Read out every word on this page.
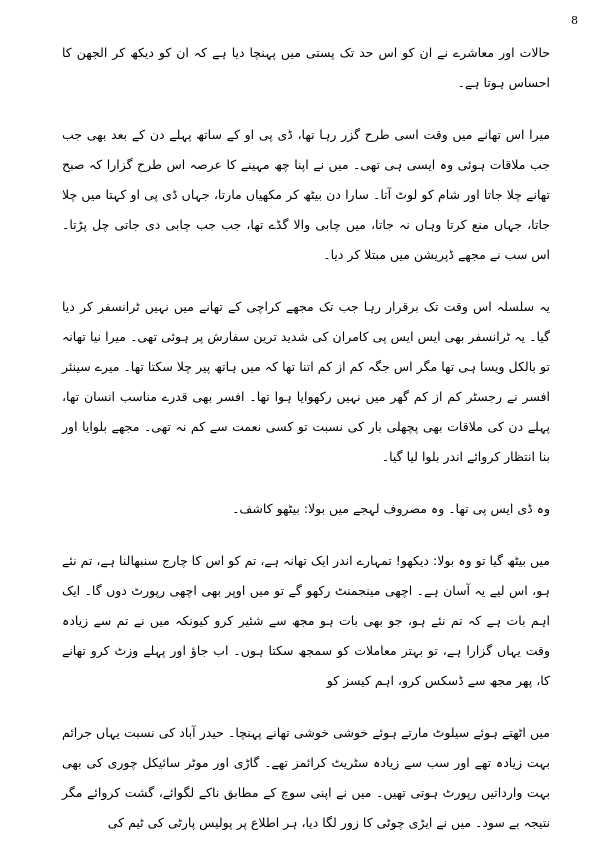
8

حالات اور معاشرے نے ان کو اس حد تک پستی میں پہنچا دیا ہے کہ ان کو دیکھ کر الجھن کا احساس ہوتا ہے۔

میرا اس تھانے میں وقت اسی طرح گزر رہا تھا، ڈی پی او کے ساتھ پہلے دن کے بعد بھی جب جب ملاقات ہوئی وہ ایسی ہی تھی۔ میں نے اپنا چھ مہینے کا عرصہ اس طرح گزارا کہ صبح تھانے چلا جاتا اور شام کو لوٹ آتا۔ سارا دن بیٹھ کر مکھیاں مارتا، جہاں ڈی پی او کہتا میں چلا جاتا، جہاں منع کرتا وہاں نہ جاتا، میں چابی والا گڈے تھا، جب جب چابی دی جاتی چل پڑتا۔ اس سب نے مجھے ڈپریشن میں مبتلا کر دیا۔

یہ سلسلہ اس وقت تک برقرار رہا جب تک مجھے کراچی کے تھانے میں نہیں ٹرانسفر کر دیا گیا۔ یہ ٹرانسفر بھی ایس ایس پی کامران کی شدید ترین سفارش پر ہوئی تھی۔ میرا نیا تھانہ تو بالکل ویسا ہی تھا مگر اس جگہ کم از کم اتنا تھا کہ میں ہاتھ پیر چلا سکتا تھا۔ میرے سینئر افسر نے رجسٹر کم از کم گھر میں نہیں رکھوایا ہوا تھا۔ افسر بھی قدرے مناسب انسان تھا، پہلے دن کی ملاقات بھی پچھلی بار کی نسبت تو کسی نعمت سے کم نہ تھی۔ مجھے بلوایا اور بنا انتظار کروائے اندر بلوا لیا گیا۔

وہ ڈی ایس پی تھا۔ وہ مصروف لہجے میں بولا: بیٹھو کاشف۔

میں بیٹھ گیا تو وہ بولا: دیکھو! تمہارے اندر ایک تھانہ ہے، تم کو اس کا چارج سنبھالنا ہے، تم نئے ہو، اس لیے یہ آسان ہے۔ اچھی مینجمنٹ رکھو گے تو میں اوپر بھی اچھی رپورٹ دوں گا۔ ایک اہم بات ہے کہ تم نئے ہو، جو بھی بات ہو مجھ سے شئیر کرو کیونکہ میں نے تم سے زیادہ وقت یہاں گزارا ہے، تو بہتر معاملات کو سمجھ سکتا ہوں۔ اب جاؤ اور پہلے وزٹ کرو تھانے کا، پھر مجھ سے ڈسکس کرو، اہم کیسز کو

میں اٹھتے ہوئے سیلوٹ مارتے ہوئے خوشی خوشی تھانے پہنچا۔ حیدر آباد کی نسبت یہاں جرائم بہت زیادہ تھے اور سب سے زیادہ سٹریٹ کرائمز تھے۔ گاڑی اور موٹر سائیکل چوری کی بھی بہت وارداتیں رپورٹ ہوتی تھیں۔ میں نے اپنی سوچ کے مطابق ناکے لگوائے، گشت کروائے مگر نتیجہ بے سود۔ میں نے ایڑی چوٹی کا زور لگا دیا، ہر اطلاع پر پولیس پارٹی کی ٹیم کی
